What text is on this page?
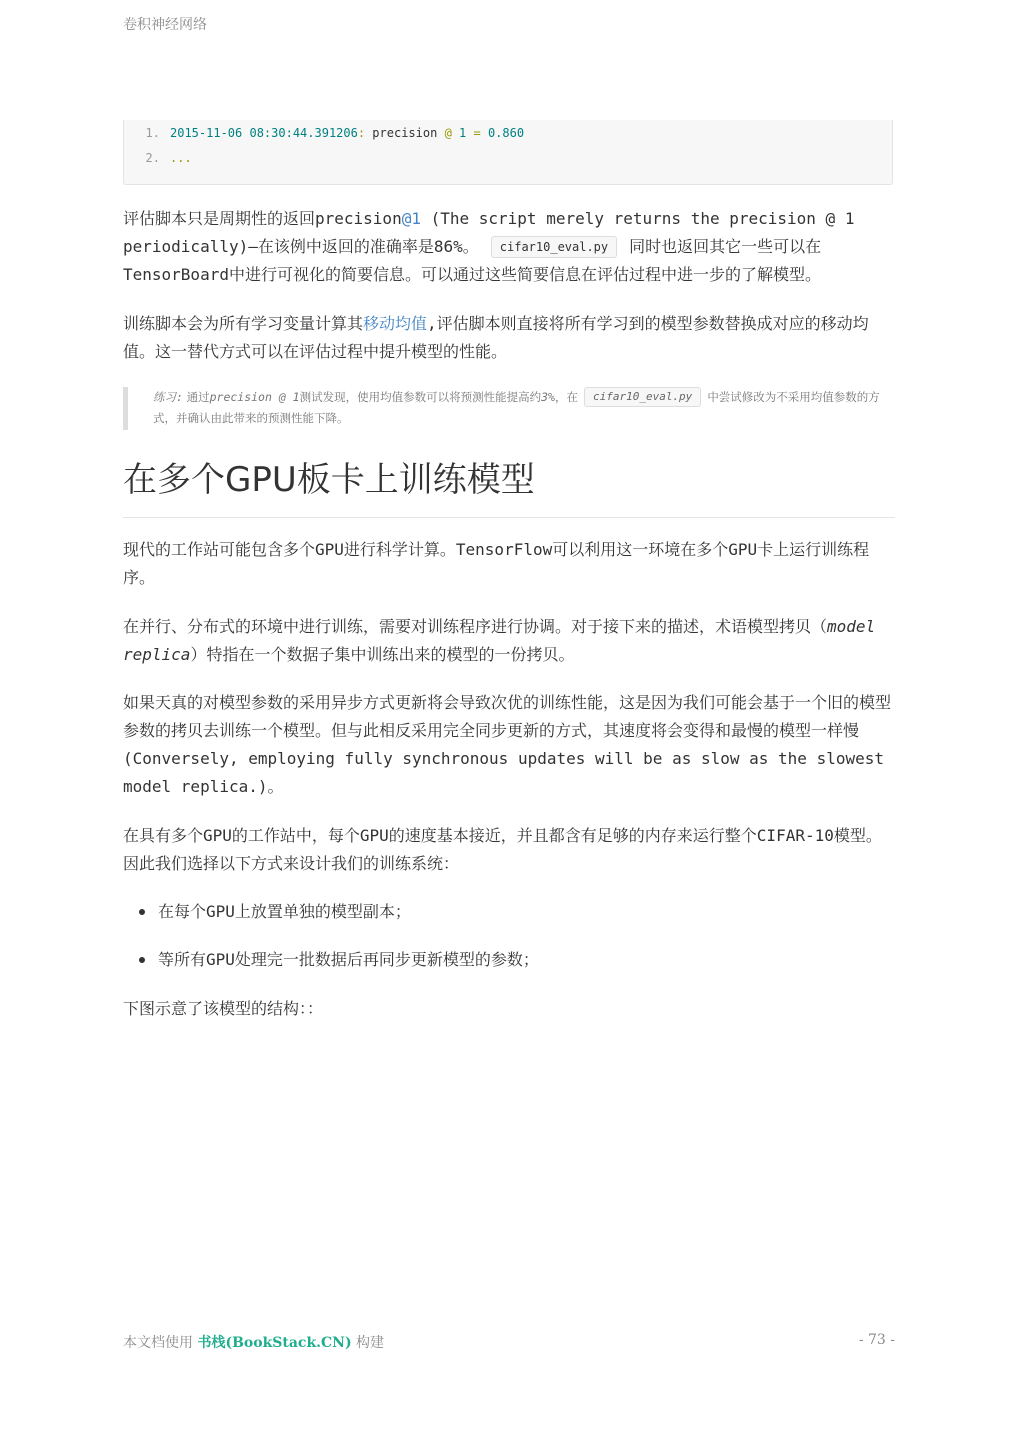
卷积神经网络
1. 2015-11-06 08:30:44.391206: precision @ 1 = 0.860
2. ...
评估脚本只是周期性的返回precision@1 (The script merely returns the precision @ 1 periodically)—在该例中返回的准确率是86%。 cifar10_eval.py 同时也返回其它一些可以在TensorBoard中进行可视化的简要信息。可以通过这些简要信息在评估过程中进一步的了解模型。
训练脚本会为所有学习变量计算其移动均值,评估脚本则直接将所有学习到的模型参数替换成对应的移动均值。这一替代方式可以在评估过程中提升模型的性能。
练习: 通过precision @ 1测试发现，使用均值参数可以将预测性能提高约3%，在 cifar10_eval.py 中尝试修改为不采用均值参数的方式，并确认由此带来的预测性能下降。
在多个GPU板卡上训练模型
现代的工作站可能包含多个GPU进行科学计算。TensorFlow可以利用这一环境在多个GPU卡上运行训练程序。
在并行、分布式的环境中进行训练，需要对训练程序进行协调。对于接下来的描述，术语模型拷贝（model replica）特指在一个数据子集中训练出来的模型的一份拷贝。
如果天真的对模型参数的采用异步方式更新将会导致次优的训练性能，这是因为我们可能会基于一个旧的模型参数的拷贝去训练一个模型。但与此相反采用完全同步更新的方式，其速度将会变得和最慢的模型一样慢(Conversely, employing fully synchronous updates will be as slow as the slowest model replica.)。
在具有多个GPU的工作站中，每个GPU的速度基本接近，并且都含有足够的内存来运行整个CIFAR-10模型。因此我们选择以下方式来设计我们的训练系统：
在每个GPU上放置单独的模型副本；
等所有GPU处理完一批数据后再同步更新模型的参数；
下图示意了该模型的结构：：
本文档使用 书栈(BookStack.CN) 构建	- 73 -
